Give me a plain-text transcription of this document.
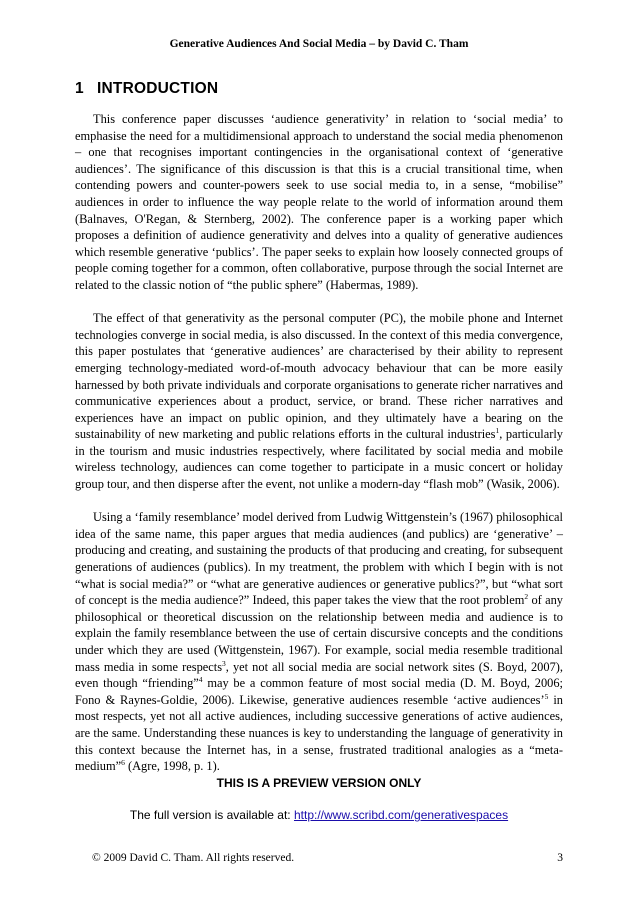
Generative Audiences And Social Media – by David C. Tham
1 INTRODUCTION

This conference paper discusses ‘audience generativity’ in relation to ‘social media’ to emphasise the need for a multidimensional approach to understand the social media phenomenon – one that recognises important contingencies in the organisational context of ‘generative audiences’. The significance of this discussion is that this is a crucial transitional time, when contending powers and counter-powers seek to use social media to, in a sense, “mobilise” audiences in order to influence the way people relate to the world of information around them (Balnaves, O'Regan, & Sternberg, 2002). The conference paper is a working paper which proposes a definition of audience generativity and delves into a quality of generative audiences which resemble generative ‘publics’. The paper seeks to explain how loosely connected groups of people coming together for a common, often collaborative, purpose through the social Internet are related to the classic notion of “the public sphere” (Habermas, 1989).

The effect of that generativity as the personal computer (PC), the mobile phone and Internet technologies converge in social media, is also discussed. In the context of this media convergence, this paper postulates that ‘generative audiences’ are characterised by their ability to represent emerging technology-mediated word-of-mouth advocacy behaviour that can be more easily harnessed by both private individuals and corporate organisations to generate richer narratives and communicative experiences about a product, service, or brand. These richer narratives and experiences have an impact on public opinion, and they ultimately have a bearing on the sustainability of new marketing and public relations efforts in the cultural industries$^1$, particularly in the tourism and music industries respectively, where facilitated by social media and mobile wireless technology, audiences can come together to participate in a music concert or holiday group tour, and then disperse after the event, not unlike a modern-day “flash mob” (Wasik, 2006).

Using a ‘family resemblance’ model derived from Ludwig Wittgenstein’s (1967) philosophical idea of the same name, this paper argues that media audiences (and publics) are ‘generative’ – producing and creating, and sustaining the products of that producing and creating, for subsequent generations of audiences (publics). In my treatment, the problem with which I begin with is not “what is social media?” or “what are generative audiences or generative publics?”, but “what sort of concept is the media audience?” Indeed, this paper takes the view that the root problem$^2$ of any philosophical or theoretical discussion on the relationship between media and audience is to explain the family resemblance between the use of certain discursive concepts and the conditions under which they are used (Wittgenstein, 1967). For example, social media resemble traditional mass media in some respects$^3$, yet not all social media are social network sites (S. Boyd, 2007), even though “friending”$^4$ may be a common feature of most social media (D. M. Boyd, 2006; Fono & Raynes-Goldie, 2006). Likewise, generative audiences resemble ‘active audiences’$^5$ in most respects, yet not all active audiences, including successive generations of active audiences, are the same. Understanding these nuances is key to understanding the language of generativity in this context because the Internet has, in a sense, frustrated traditional analogies as a “meta-medium”$^6$ (Agre, 1998, p. 1).

THIS IS A PREVIEW VERSION ONLY
The full version is available at: http://www.scribd.com/generativespaces
© 2009 David C. Tham. All rights reserved.	3
